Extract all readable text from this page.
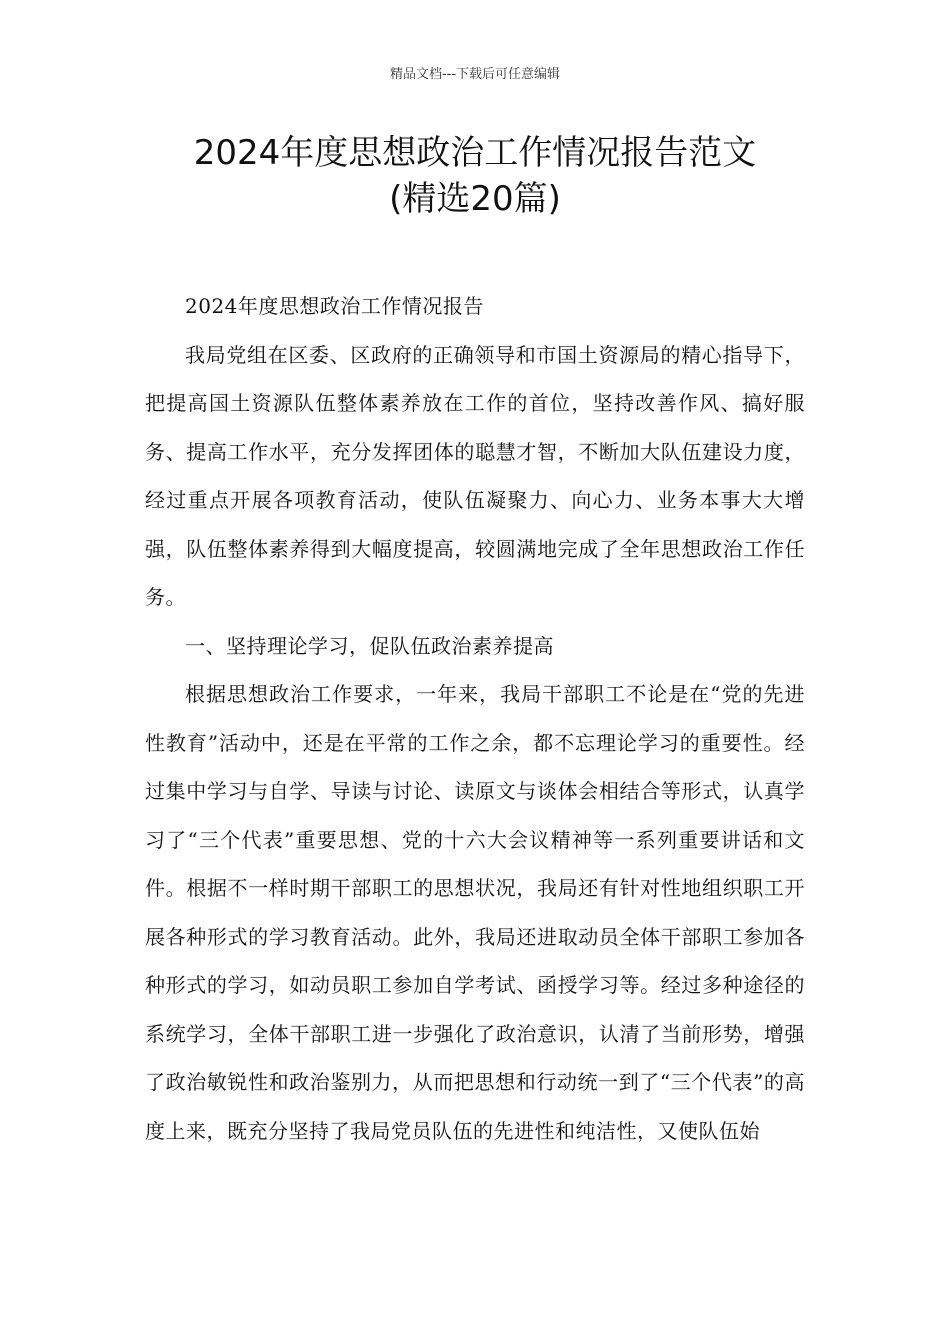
精品文档---下载后可任意编辑
2024年度思想政治工作情况报告范文
(精选20篇)

2024年度思想政治工作情况报告

我局党组在区委、区政府的正确领导和市国土资源局的精心指导下，把提高国土资源队伍整体素养放在工作的首位，坚持改善作风、搞好服务、提高工作水平，充分发挥团体的聪慧才智，不断加大队伍建设力度，经过重点开展各项教育活动，使队伍凝聚力、向心力、业务本事大大增强，队伍整体素养得到大幅度提高，较圆满地完成了全年思想政治工作任务。

一、坚持理论学习，促队伍政治素养提高

根据思想政治工作要求，一年来，我局干部职工不论是在“党的先进性教育”活动中，还是在平常的工作之余，都不忘理论学习的重要性。经过集中学习与自学、导读与讨论、读原文与谈体会相结合等形式，认真学习了“三个代表”重要思想、党的十六大会议精神等一系列重要讲话和文件。根据不一样时期干部职工的思想状况，我局还有针对性地组织职工开展各种形式的学习教育活动。此外，我局还进取动员全体干部职工参加各种形式的学习，如动员职工参加自学考试、函授学习等。经过多种途径的系统学习，全体干部职工进一步强化了政治意识，认清了当前形势，增强了政治敏锐性和政治鉴别力，从而把思想和行动统一到了“三个代表”的高度上来，既充分坚持了我局党员队伍的先进性和纯洁性，又使队伍始
